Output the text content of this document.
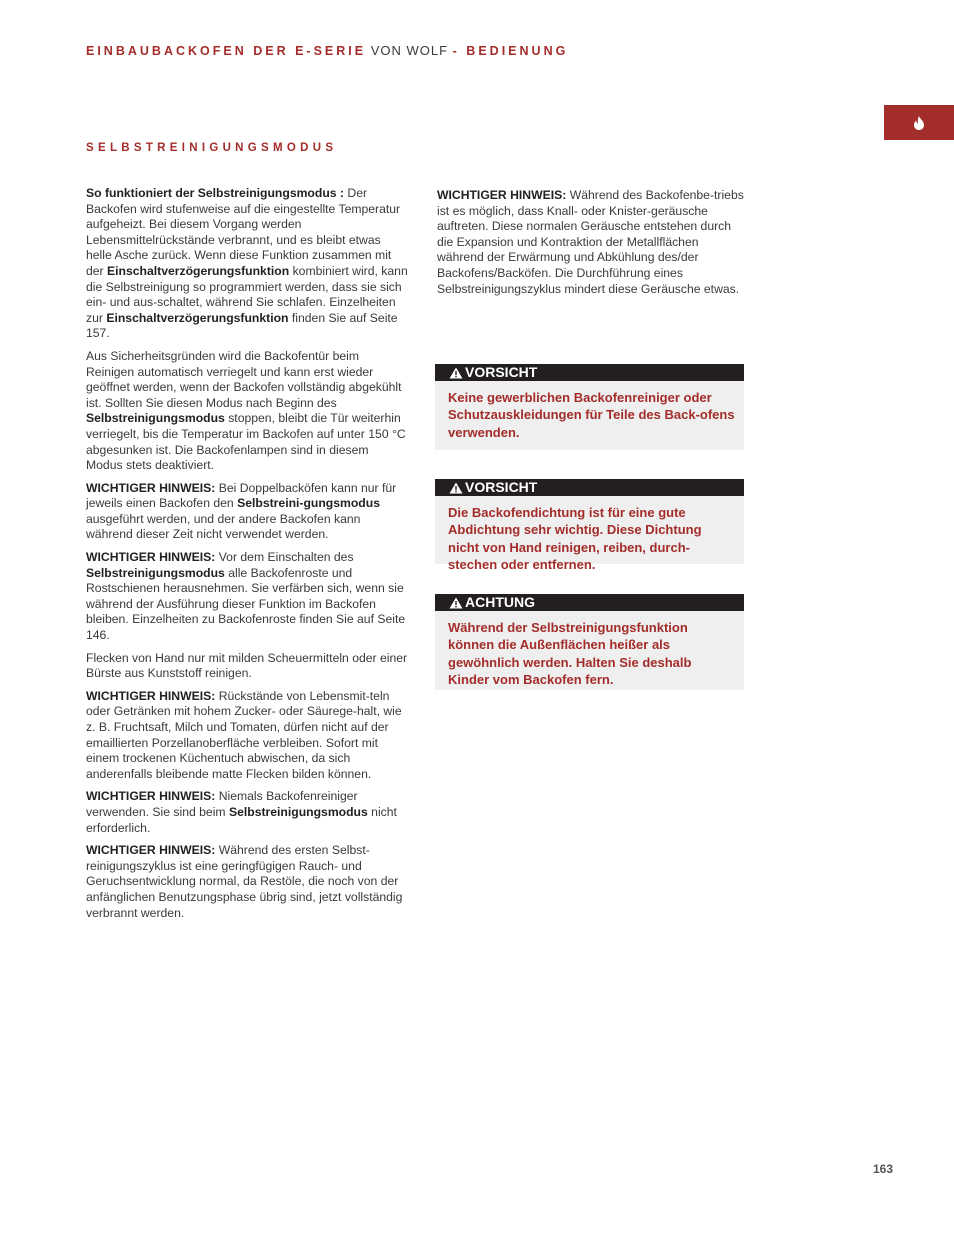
EINBAUBACKOFEN DER E-SERIE VON WOLF - BEDIENUNG
SELBSTREINIGUNGSMODUS

So funktioniert der Selbstreinigungsmodus : Der Backofen wird stufenweise auf die eingestellte Temperatur aufgeheizt. Bei diesem Vorgang werden Lebensmittelrückstände verbrannt, und es bleibt etwas helle Asche zurück. Wenn diese Funktion zusammen mit der Einschaltverzögerungsfunktion kombiniert wird, kann die Selbstreinigung so programmiert werden, dass sie sich ein- und aus-schaltet, während Sie schlafen. Einzelheiten zur Einschaltverzögerungsfunktion finden Sie auf Seite 157.

Aus Sicherheitsgründen wird die Backofentür beim Reinigen automatisch verriegelt und kann erst wieder geöffnet werden, wenn der Backofen vollständig abgekühlt ist. Sollten Sie diesen Modus nach Beginn des Selbstreinigungsmodus stoppen, bleibt die Tür weiterhin verriegelt, bis die Temperatur im Backofen auf unter 150 °C abgesunken ist. Die Backofenlampen sind in diesem Modus stets deaktiviert.

WICHTIGER HINWEIS: Bei Doppelbacköfen kann nur für jeweils einen Backofen den Selbstreini-gungsmodus ausgeführt werden, und der andere Backofen kann während dieser Zeit nicht verwendet werden.

WICHTIGER HINWEIS: Vor dem Einschalten des Selbstreinigungsmodus alle Backofenroste und Rostschienen herausnehmen. Sie verfärben sich, wenn sie während der Ausführung dieser Funktion im Backofen bleiben. Einzelheiten zu Backofenroste finden Sie auf Seite 146.

Flecken von Hand nur mit milden Scheuermitteln oder einer Bürste aus Kunststoff reinigen.

WICHTIGER HINWEIS: Rückstände von Lebensmit-teln oder Getränken mit hohem Zucker- oder Säurege-halt, wie z. B. Fruchtsaft, Milch und Tomaten, dürfen nicht auf der emaillierten Porzellanoberfläche verbleiben. Sofort mit einem trockenen Küchentuch abwischen, da sich anderenfalls bleibende matte Flecken bilden können.

WICHTIGER HINWEIS: Niemals Backofenreiniger verwenden. Sie sind beim Selbstreinigungsmodus nicht erforderlich.

WICHTIGER HINWEIS: Während des ersten Selbst-reinigungszyklus ist eine geringfügigen Rauch- und Geruchsentwicklung normal, da Restöle, die noch von der anfänglichen Benutzungsphase übrig sind, jetzt vollständig verbrannt werden.

WICHTIGER HINWEIS: Während des Backofenbe-triebs ist es möglich, dass Knall- oder Knister-geräusche auftreten. Diese normalen Geräusche entstehen durch die Expansion und Kontraktion der Metallflächen während der Erwärmung und Abkühlung des/der Backofens/Backöfen. Die Durchführung eines Selbstreinigungszyklus mindert diese Geräusche etwas.

VORSICHT
Keine gewerblichen Backofenreiniger oder Schutzauskleidungen für Teile des Back-ofens verwenden.
VORSICHT
Die Backofendichtung ist für eine gute Abdichtung sehr wichtig. Diese Dichtung nicht von Hand reinigen, reiben, durch-stechen oder entfernen.
ACHTUNG
Während der Selbstreinigungsfunktion können die Außenflächen heißer als gewöhnlich werden. Halten Sie deshalb Kinder vom Backofen fern.
163
